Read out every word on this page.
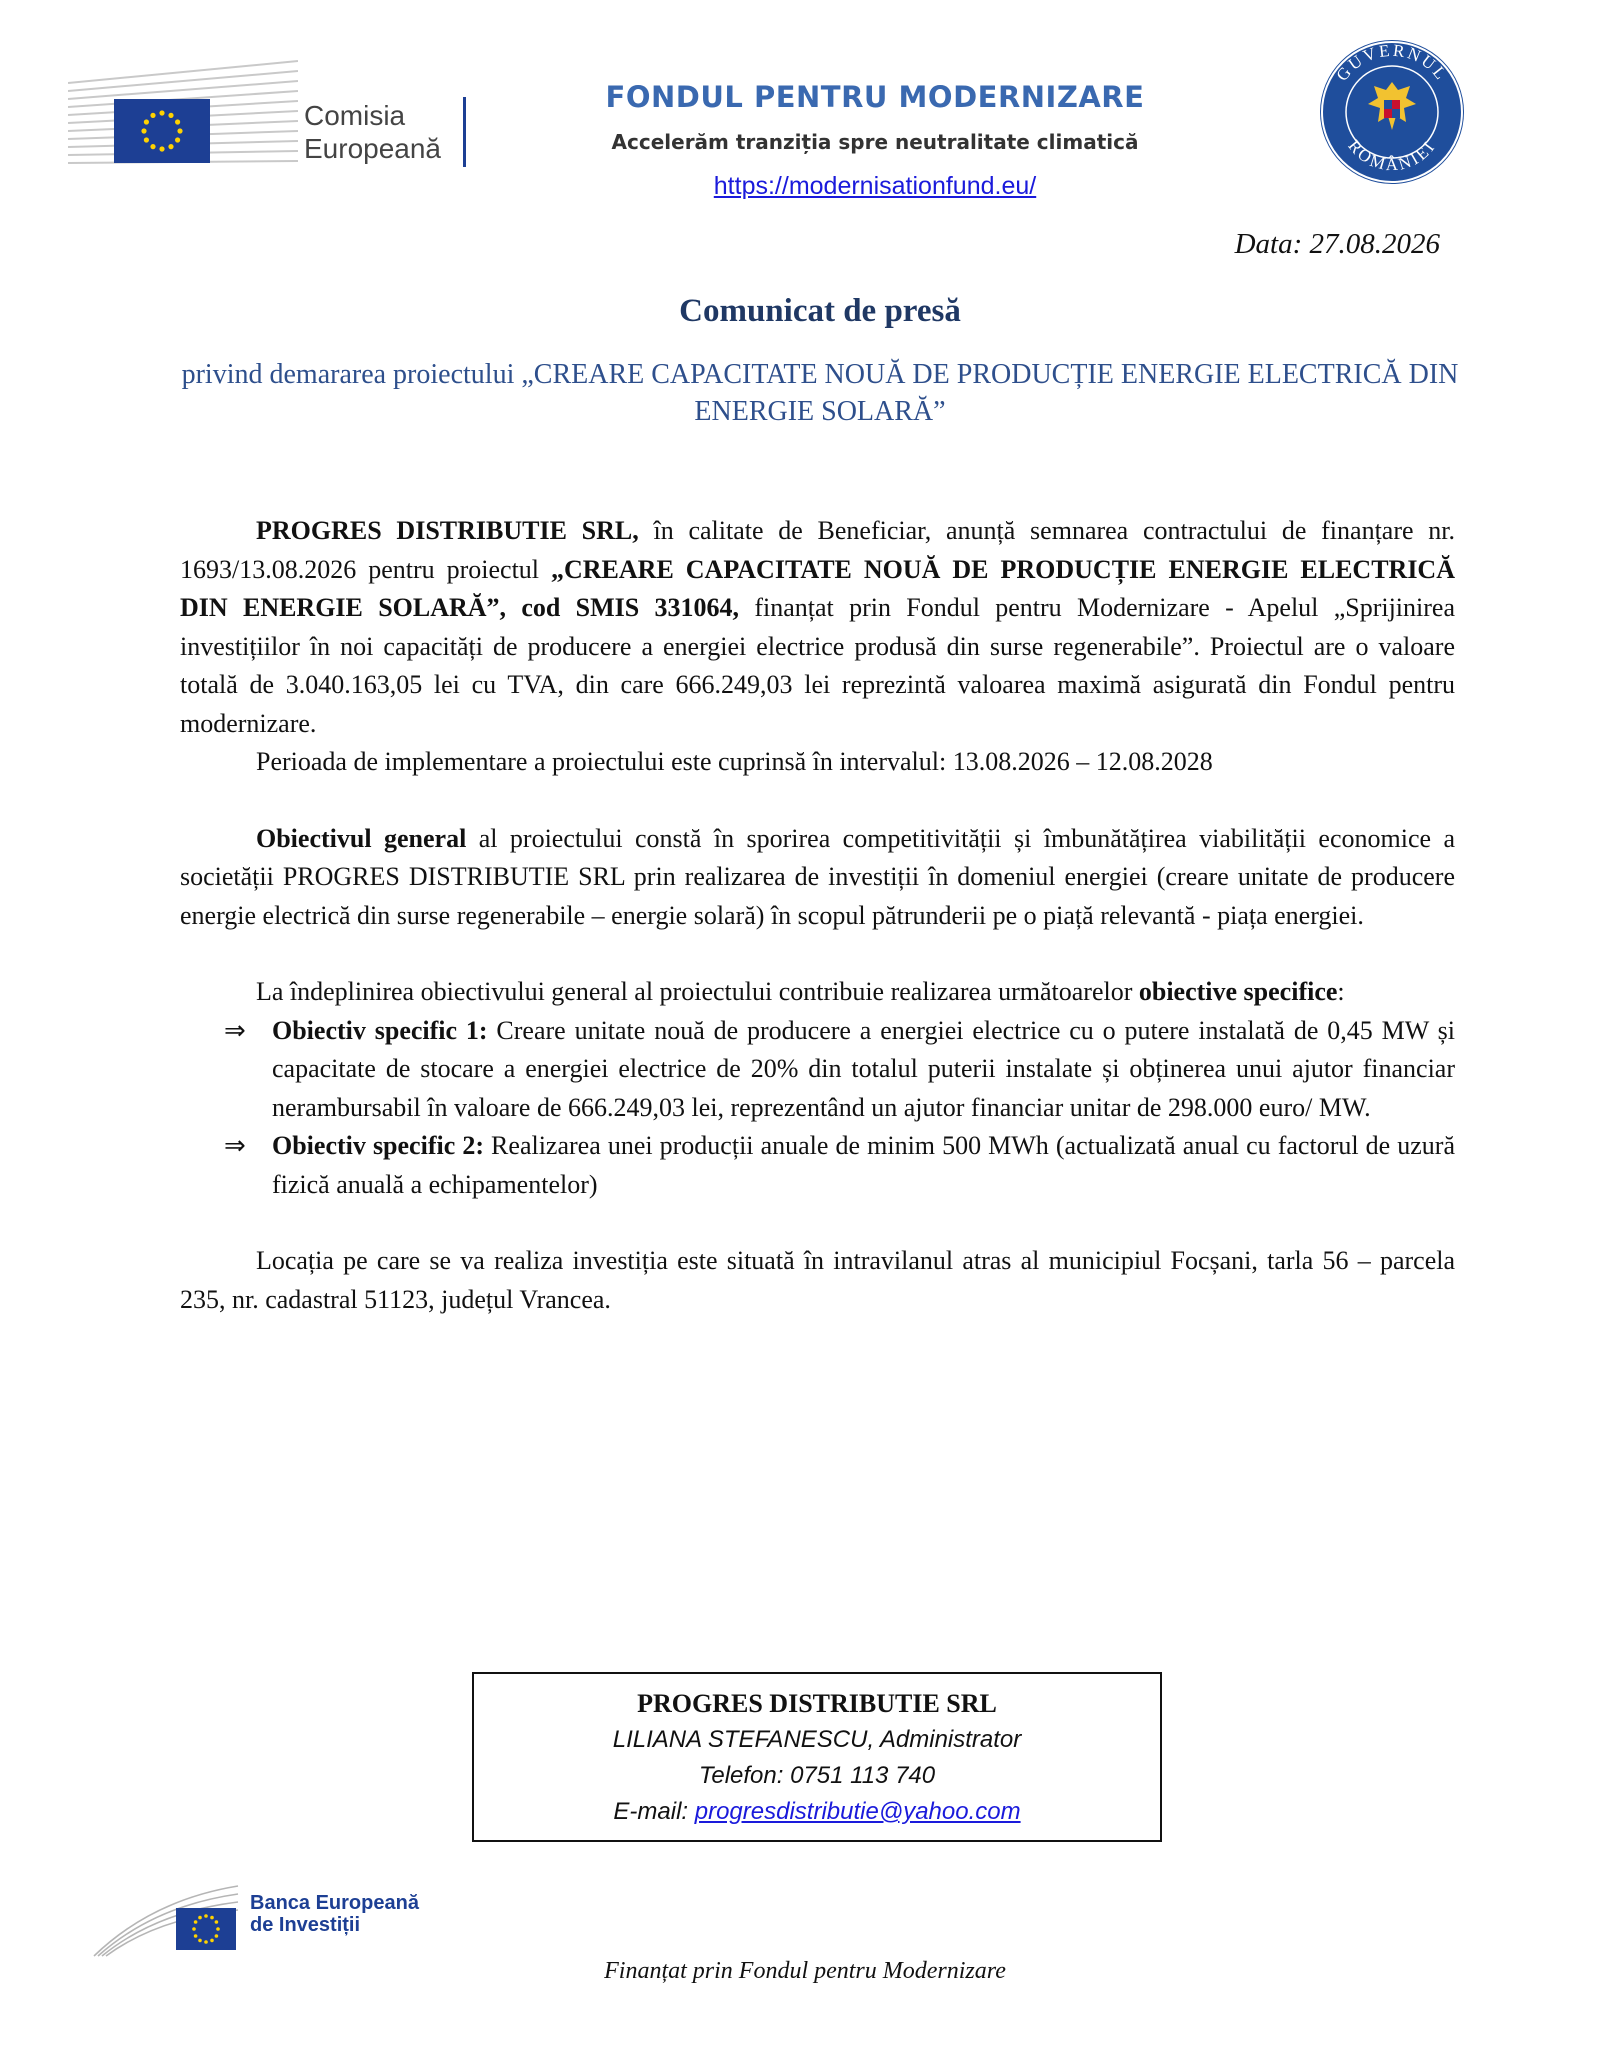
Comisia
Europeană
FONDUL PENTRU MODERNIZARE
Accelerăm tranziția spre neutralitate climatică
https://modernisationfund.eu/
GUVERNUL
ROMÂNIEI
Data: 27.08.2026
Comunicat de presă
privind demararea proiectului „CREARE CAPACITATE NOUĂ DE PRODUCȚIE ENERGIE ELECTRICĂ DIN ENERGIE SOLARĂ”

PROGRES DISTRIBUTIE SRL, în calitate de Beneficiar, anunță semnarea contractului de finanțare nr. 1693/13.08.2026 pentru proiectul „CREARE CAPACITATE NOUĂ DE PRODUCȚIE ENERGIE ELECTRICĂ DIN ENERGIE SOLARĂ”, cod SMIS 331064, finanțat prin Fondul pentru Modernizare - Apelul „Sprijinirea investițiilor în noi capacități de producere a energiei electrice produsă din surse regenerabile”. Proiectul are o valoare totală de 3.040.163,05 lei cu TVA, din care 666.249,03 lei reprezintă valoarea maximă asigurată din Fondul pentru modernizare.

Perioada de implementare a proiectului este cuprinsă în intervalul: 13.08.2026 – 12.08.2028

Obiectivul general al proiectului constă în sporirea competitivității și îmbunătățirea viabilității economice a societății PROGRES DISTRIBUTIE SRL prin realizarea de investiții în domeniul energiei (creare unitate de producere energie electrică din surse regenerabile – energie solară) în scopul pătrunderii pe o piață relevantă - piața energiei.

La îndeplinirea obiectivului general al proiectului contribuie realizarea următoarelor obiective specifice:

⇒ Obiectiv specific 1: Creare unitate nouă de producere a energiei electrice cu o putere instalată de 0,45 MW și capacitate de stocare a energiei electrice de 20% din totalul puterii instalate și obținerea unui ajutor financiar nerambursabil în valoare de 666.249,03 lei, reprezentând un ajutor financiar unitar de 298.000 euro/ MW.
⇒ Obiectiv specific 2: Realizarea unei producții anuale de minim 500 MWh (actualizată anual cu factorul de uzură fizică anuală a echipamentelor)

Locația pe care se va realiza investiția este situată în intravilanul atras al municipiul Focșani, tarla 56 – parcela 235, nr. cadastral 51123, județul Vrancea.

PROGRES DISTRIBUTIE SRL
LILIANA STEFANESCU, Administrator
Telefon: 0751 113 740
E-mail: progresdistributie@yahoo.com
Banca Europeană
de Investiții
Finanțat prin Fondul pentru Modernizare
